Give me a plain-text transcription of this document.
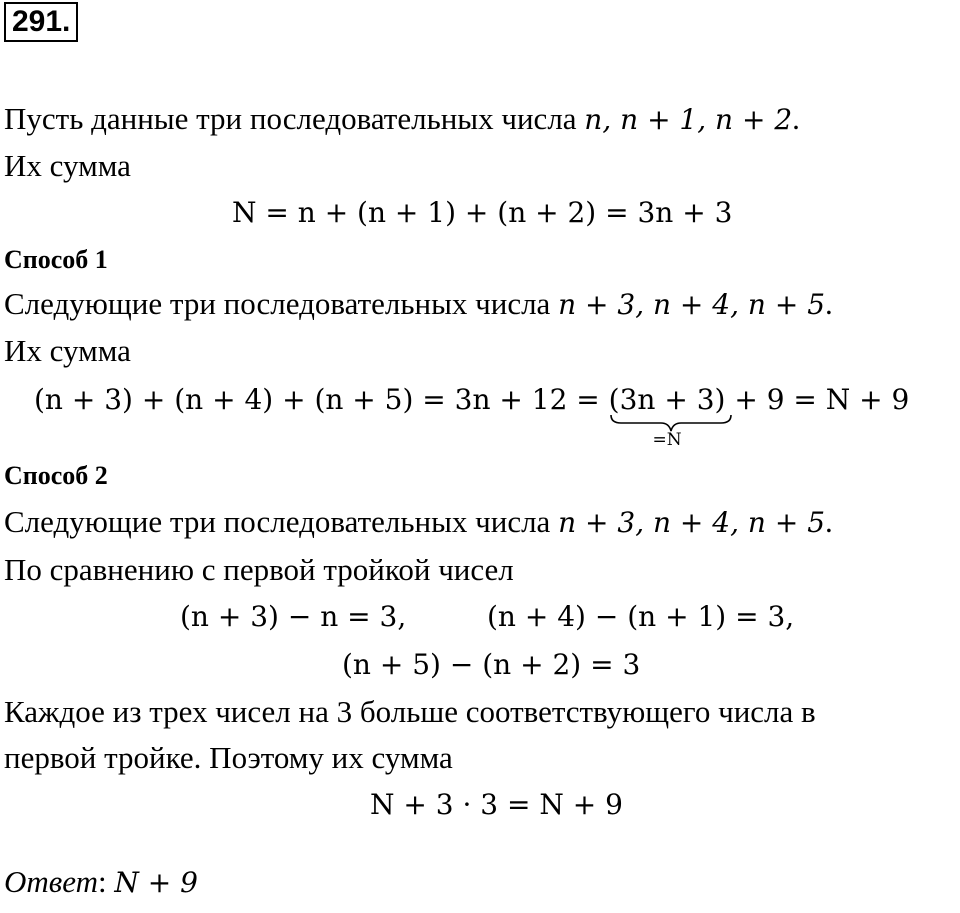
291.
Пусть данные три последовательных числа n, n + 1, n + 2.
Их сумма
N = n + (n + 1) + (n + 2) = 3n + 3
Способ 1
Следующие три последовательных числа n + 3, n + 4, n + 5.
Их сумма
(n + 3) + (n + 4) + (n + 5) = 3n + 12 = (3n + 3)
=N
+ 9 = N + 9
Способ 2
Следующие три последовательных числа n + 3, n + 4, n + 5.
По сравнению с первой тройкой чисел
(n + 3) − n = 3,	(n + 4) − (n + 1) = 3,
(n + 5) − (n + 2) = 3
Каждое из трех чисел на 3 больше соответствующего числа в
первой тройке. Поэтому их сумма
N + 3 · 3 = N + 9
Ответ: N + 9
